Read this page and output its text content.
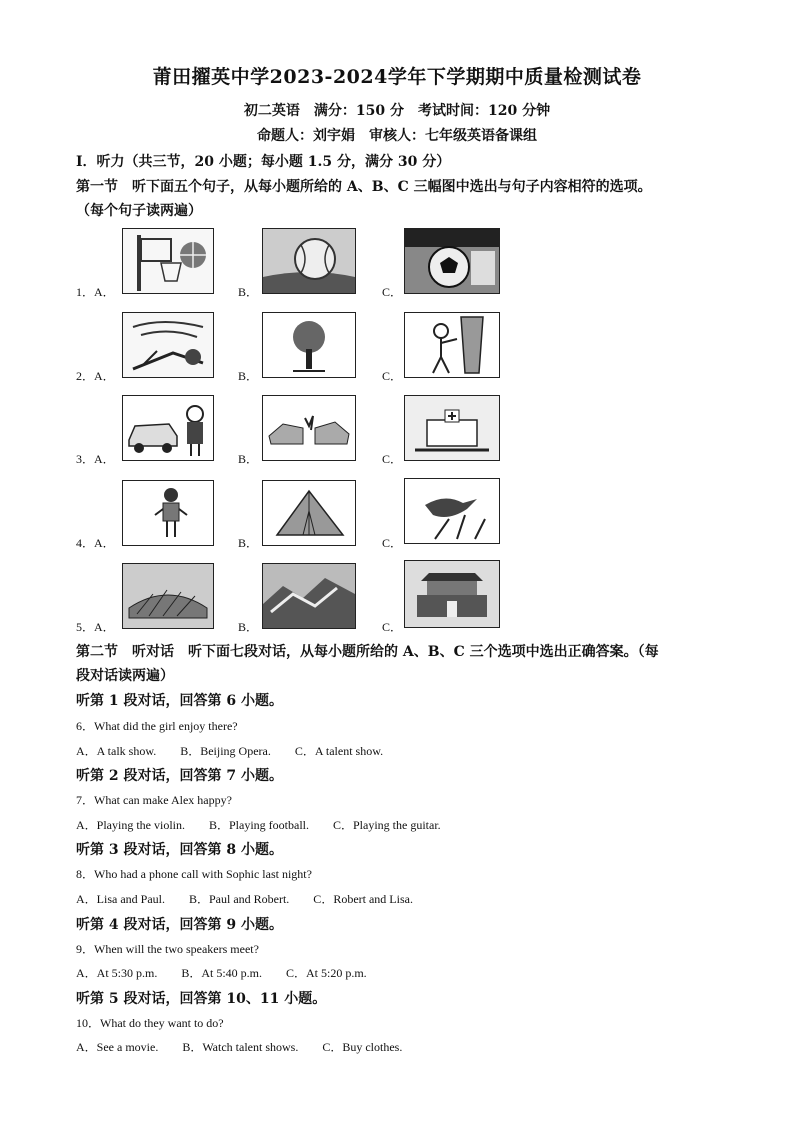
莆田擢英中学2023-2024学年下学期期中质量检测试卷
初二英语　满分：150 分　考试时间：120 分钟
命题人：刘宇娟　审核人：七年级英语备课组
Ⅰ．听力（共三节，20 小题；每小题 1.5 分，满分 30 分）
第一节　听下面五个句子，从每小题所给的 A、B、C 三幅图中选出与句子内容相符的选项。
（每个句子读两遍）
1．A．	B．	C．
2．A．	B．	C．
3．A．	B．	C．
4．A．	B．	C．
5．A．	B．	C．
第二节　听对话　听下面七段对话，从每小题所给的 A、B、C 三个选项中选出正确答案。（每
段对话读两遍）
听第 1 段对话，回答第 6 小题。
6．What did the girl enjoy there?
A．A talk show.　　B．Beijing Opera.　　C．A talent show.
听第 2 段对话，回答第 7 小题。
7．What can make Alex happy?
A．Playing the violin.　　B．Playing football.　　C．Playing the guitar.
听第 3 段对话，回答第 8 小题。
8．Who had a phone call with Sophic last night?
A．Lisa and Paul.　　B．Paul and Robert.　　C．Robert and Lisa.
听第 4 段对话，回答第 9 小题。
9．When will the two speakers meet?
A．At 5:30 p.m.　　B．At 5:40 p.m.　　C．At 5:20 p.m.
听第 5 段对话，回答第 10、11 小题。
10．What do they want to do?
A．See a movie.　　B．Watch talent shows.　　C．Buy clothes.
